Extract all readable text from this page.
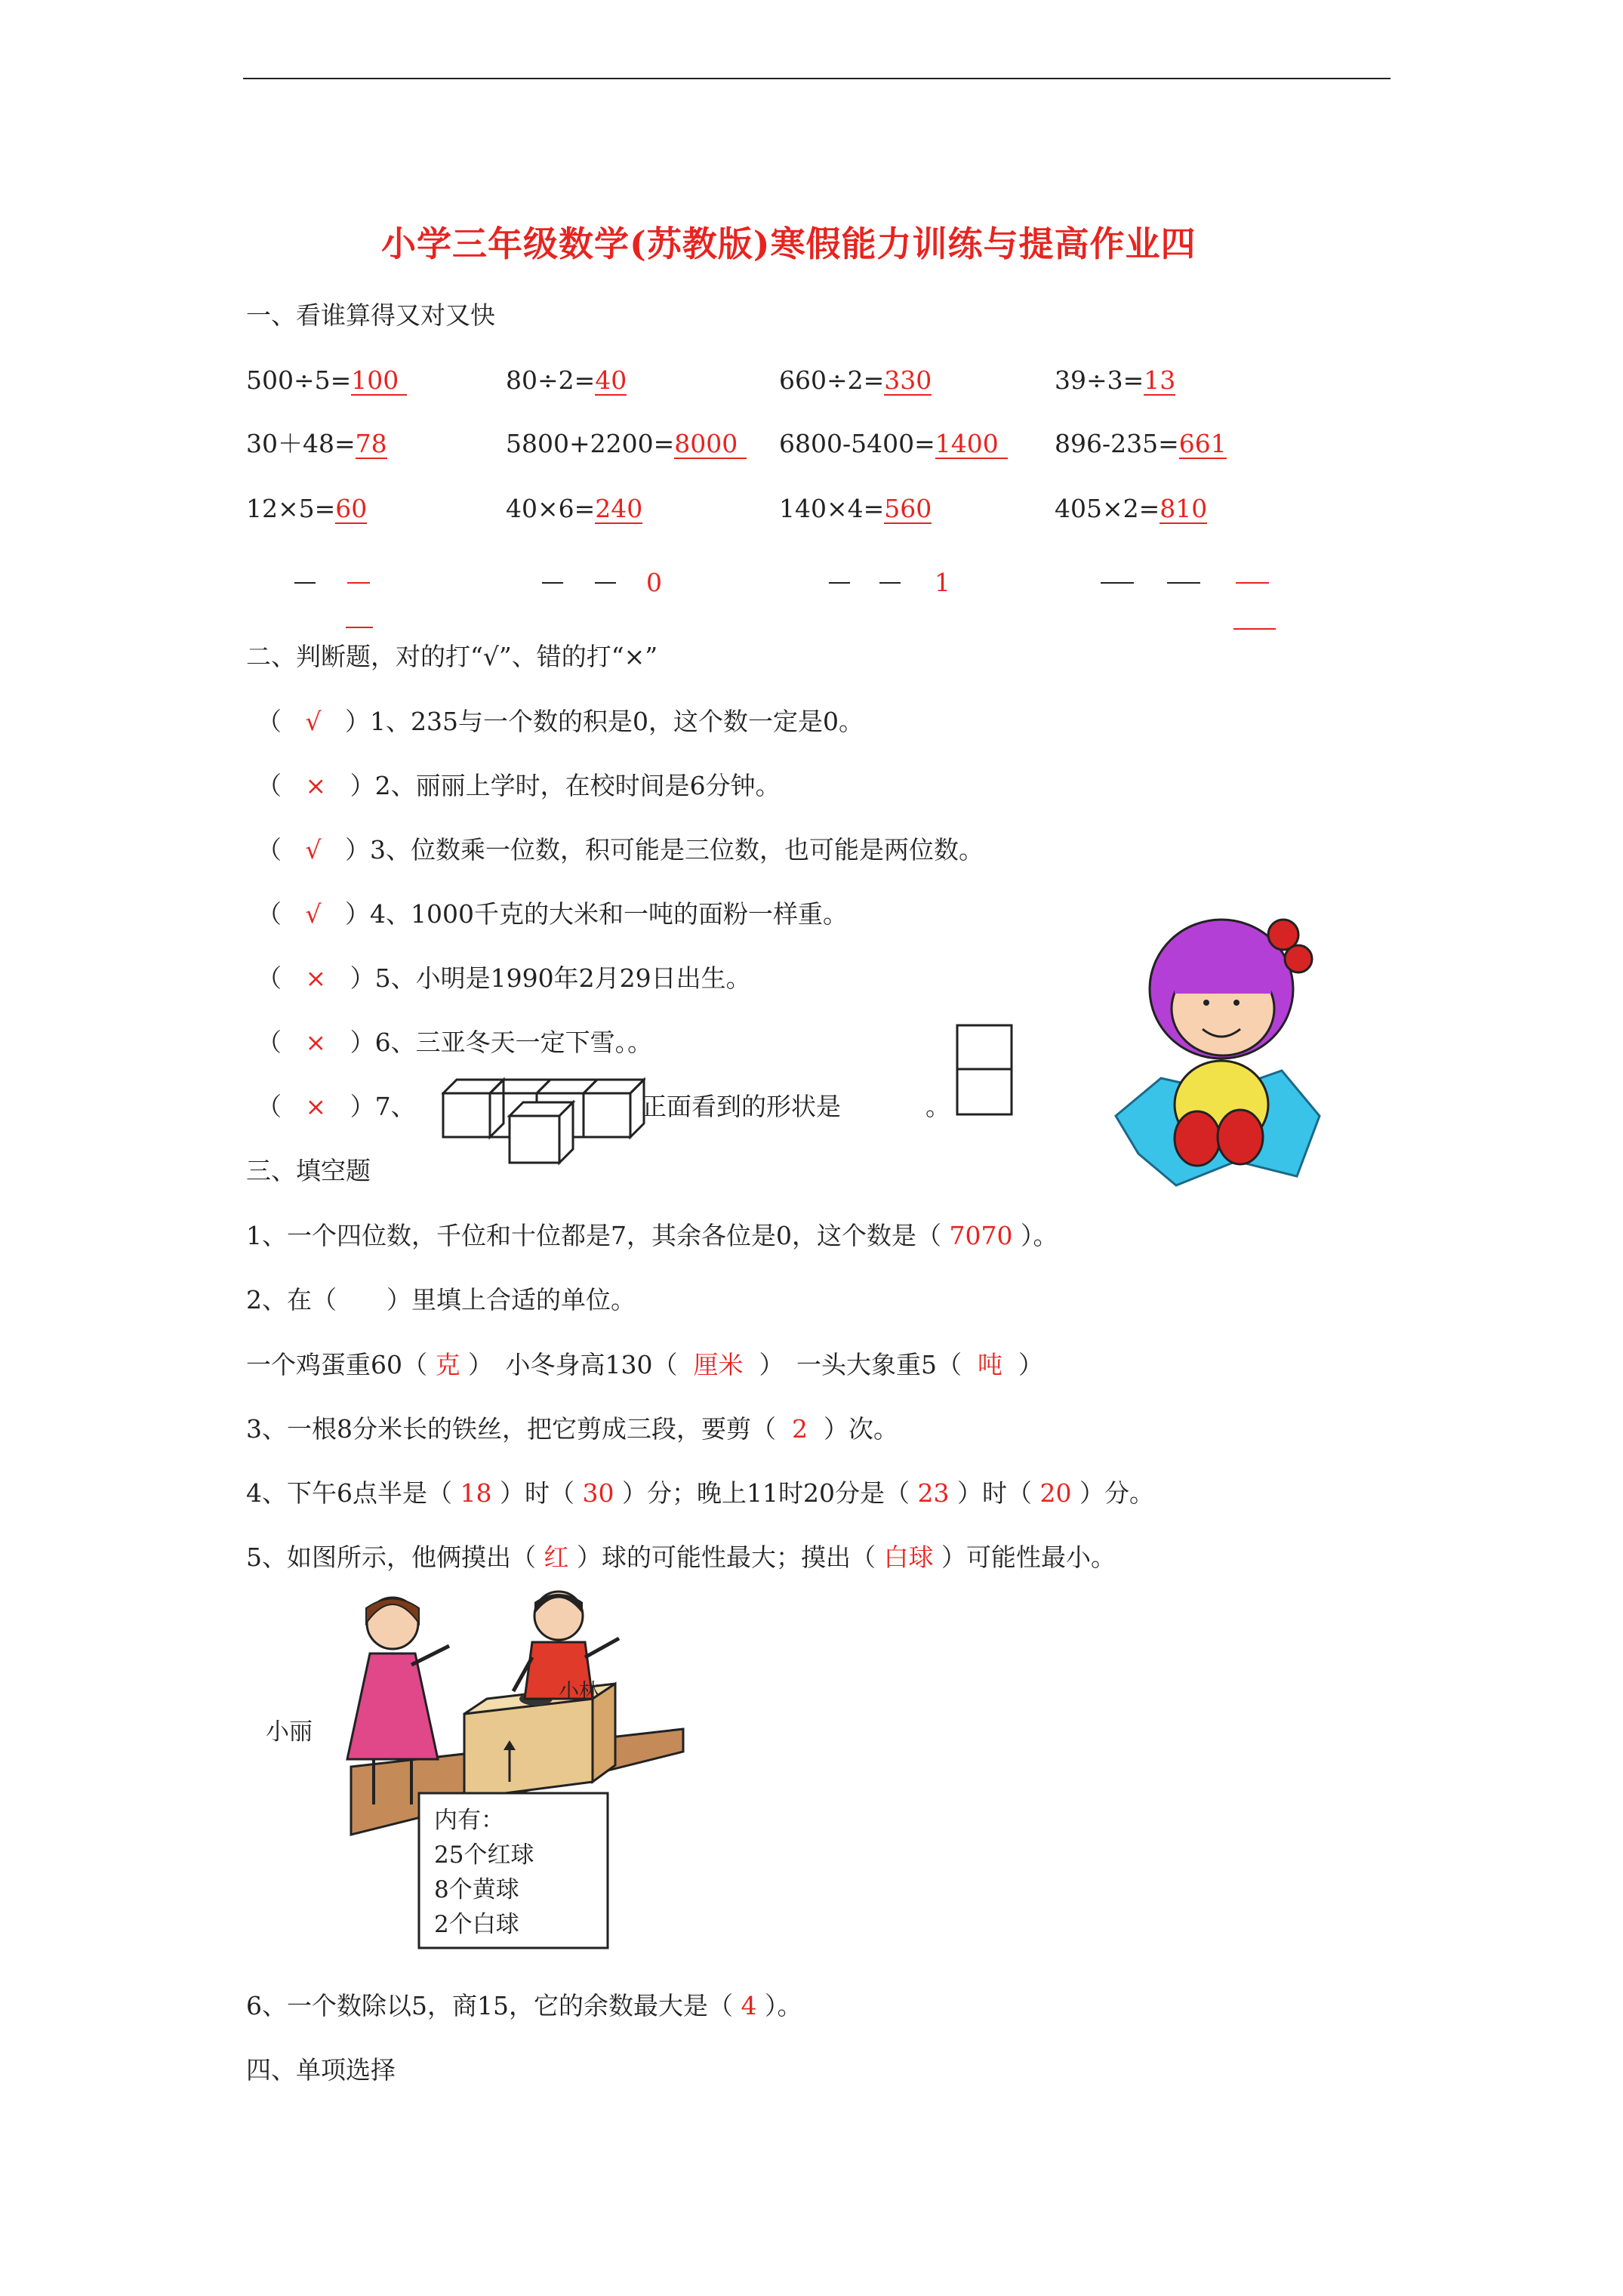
小学三年级数学(苏教版)寒假能力训练与提高作业四
一、看谁算得又对又快
500÷5=100	80÷2=40	660÷2=330	39÷3=13
30＋48=78	5800+2200=8000	6800-5400=1400	896-235=661
12×5=60	40×6=240	140×4=560	405×2=810
0	1
二、判断题，对的打“√”、错的打“×”
（   √   ）1、235与一个数的积是0，这个数一定是0。
（   ×   ）2、丽丽上学时，在校时间是6分钟。
（   √   ）3、位数乘一位数，积可能是三位数，也可能是两位数。
（   √   ）4、1000千克的大米和一吨的面粉一样重。
（   ×   ）5、小明是1990年2月29日出生。
（   ×   ）6、三亚冬天一定下雪。。
（   ×   ）7、	正面看到的形状是	。
三、填空题
1、一个四位数，千位和十位都是7，其余各位是0，这个数是（ 7070 ）。
2、在（　　）里填上合适的单位。
一个鸡蛋重60（ 克 ）　小冬身高130（ 厘米 ）　一头大象重5（ 吨 ）
3、一根8分米长的铁丝，把它剪成三段，要剪（ 2 ）次。
4、下午6点半是（ 18 ）时（ 30 ）分；晚上11时20分是（ 23 ）时（ 20 ）分。
5、如图所示，他俩摸出（ 红 ）球的可能性最大；摸出（ 白球 ）可能性最小。
小丽
小林
内有：
25个红球
8个黄球
2个白球
6、一个数除以5，商15，它的余数最大是（ 4 ）。
四、单项选择
